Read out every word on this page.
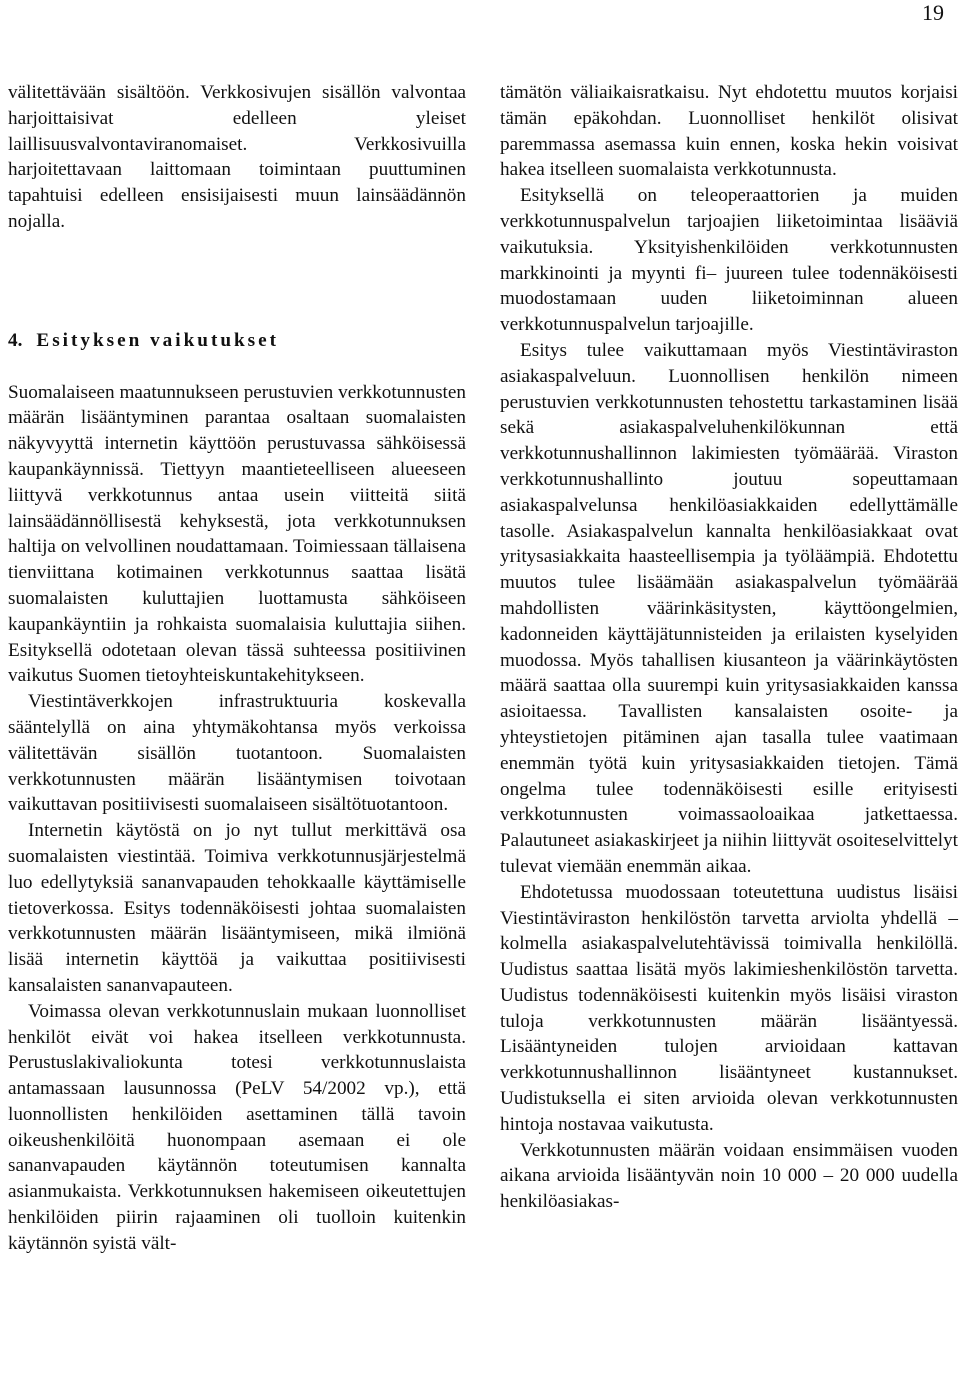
19

välitettävään sisältöön. Verkkosivujen sisällön valvontaa harjoittaisivat edelleen yleiset laillisuusvalvontaviranomaiset. Verkkosivuilla harjoitettavaan laittomaan toimintaan puuttuminen tapahtuisi edelleen ensisijaisesti muun lainsäädännön nojalla.

4. Esityksen vaikutukset

Suomalaiseen maatunnukseen perustuvien verkkotunnusten määrän lisääntyminen parantaa osaltaan suomalaisten näkyvyyttä internetin käyttöön perustuvassa sähköisessä kaupankäynnissä. Tiettyyn maantieteelliseen alueeseen liittyvä verkkotunnus antaa usein viitteitä siitä lainsäädännöllisestä kehyksestä, jota verkkotunnuksen haltija on velvollinen noudattamaan. Toimiessaan tällaisena tienviittana kotimainen verkkotunnus saattaa lisätä suomalaisten kuluttajien luottamusta sähköiseen kaupankäyntiin ja rohkaista suomalaisia kuluttajia siihen. Esityksellä odotetaan olevan tässä suhteessa positiivinen vaikutus Suomen tietoyhteiskuntakehitykseen.

Viestintäverkkojen infrastruktuuria koskevalla sääntelyllä on aina yhtymäkohtansa myös verkoissa välitettävän sisällön tuotantoon. Suomalaisten verkkotunnusten määrän lisääntymisen toivotaan vaikuttavan positiivisesti suomalaiseen sisältötuotantoon.

Internetin käytöstä on jo nyt tullut merkittävä osa suomalaisten viestintää. Toimiva verkkotunnusjärjestelmä luo edellytyksiä sananvapauden tehokkaalle käyttämiselle tietoverkossa. Esitys todennäköisesti johtaa suomalaisten verkkotunnusten määrän lisääntymiseen, mikä ilmiönä lisää internetin käyttöä ja vaikuttaa positiivisesti kansalaisten sananvapauteen.

Voimassa olevan verkkotunnuslain mukaan luonnolliset henkilöt eivät voi hakea itselleen verkkotunnusta. Perustuslakivaliokunta totesi verkkotunnuslaista antamassaan lausunnossa (PeLV 54/2002 vp.), että luonnollisten henkilöiden asettaminen tällä tavoin oikeushenkilöitä huonompaan asemaan ei ole sananvapauden käytännön toteutumisen kannalta asianmukaista. Verkkotunnuksen hakemiseen oikeutettujen henkilöiden piirin rajaaminen oli tuolloin kuitenkin käytännön syistä vält-

tämätön väliaikaisratkaisu. Nyt ehdotettu muutos korjaisi tämän epäkohdan. Luonnolliset henkilöt olisivat paremmassa asemassa kuin ennen, koska hekin voisivat hakea itselleen suomalaista verkkotunnusta.

Esityksellä on teleoperaattorien ja muiden verkkotunnuspalvelun tarjoajien liiketoimintaa lisääviä vaikutuksia. Yksityishenkilöiden verkkotunnusten markkinointi ja myynti fi– juureen tulee todennäköisesti muodostamaan uuden liiketoiminnan alueen verkkotunnuspalvelun tarjoajille.

Esitys tulee vaikuttamaan myös Viestintäviraston asiakaspalveluun. Luonnollisen henkilön nimeen perustuvien verkkotunnusten tehostettu tarkastaminen lisää sekä asiakaspalveluhenkilökunnan että verkkotunnushallinnon lakimiesten työmäärää. Viraston verkkotunnushallinto joutuu sopeuttamaan asiakaspalvelunsa henkilöasiakkaiden edellyttämälle tasolle. Asiakaspalvelun kannalta henkilöasiakkaat ovat yritysasiakkaita haasteellisempia ja työläämpiä. Ehdotettu muutos tulee lisäämään asiakaspalvelun työmäärää mahdollisten väärinkäsitysten, käyttöongelmien, kadonneiden käyttäjätunnisteiden ja erilaisten kyselyiden muodossa. Myös tahallisen kiusanteon ja väärinkäytösten määrä saattaa olla suurempi kuin yritysasiakkaiden kanssa asioitaessa. Tavallisten kansalaisten osoite- ja yhteystietojen pitäminen ajan tasalla tulee vaatimaan enemmän työtä kuin yritysasiakkaiden tietojen. Tämä ongelma tulee todennäköisesti esille erityisesti verkkotunnusten voimassaoloaikaa jatkettaessa. Palautuneet asiakaskirjeet ja niihin liittyvät osoiteselvittelyt tulevat viemään enemmän aikaa.

Ehdotetussa muodossaan toteutettuna uudistus lisäisi Viestintäviraston henkilöstön tarvetta arviolta yhdellä – kolmella asiakaspalvelutehtävissä toimivalla henkilöllä. Uudistus saattaa lisätä myös lakimieshenkilöstön tarvetta. Uudistus todennäköisesti kuitenkin myös lisäisi viraston tuloja verkkotunnusten määrän lisääntyessä. Lisääntyneiden tulojen arvioidaan kattavan verkkotunnushallinnon lisääntyneet kustannukset. Uudistuksella ei siten arvioida olevan verkkotunnusten hintoja nostavaa vaikutusta.

Verkkotunnusten määrän voidaan ensimmäisen vuoden aikana arvioida lisääntyvän noin 10 000 – 20 000 uudella henkilöasiakas-
